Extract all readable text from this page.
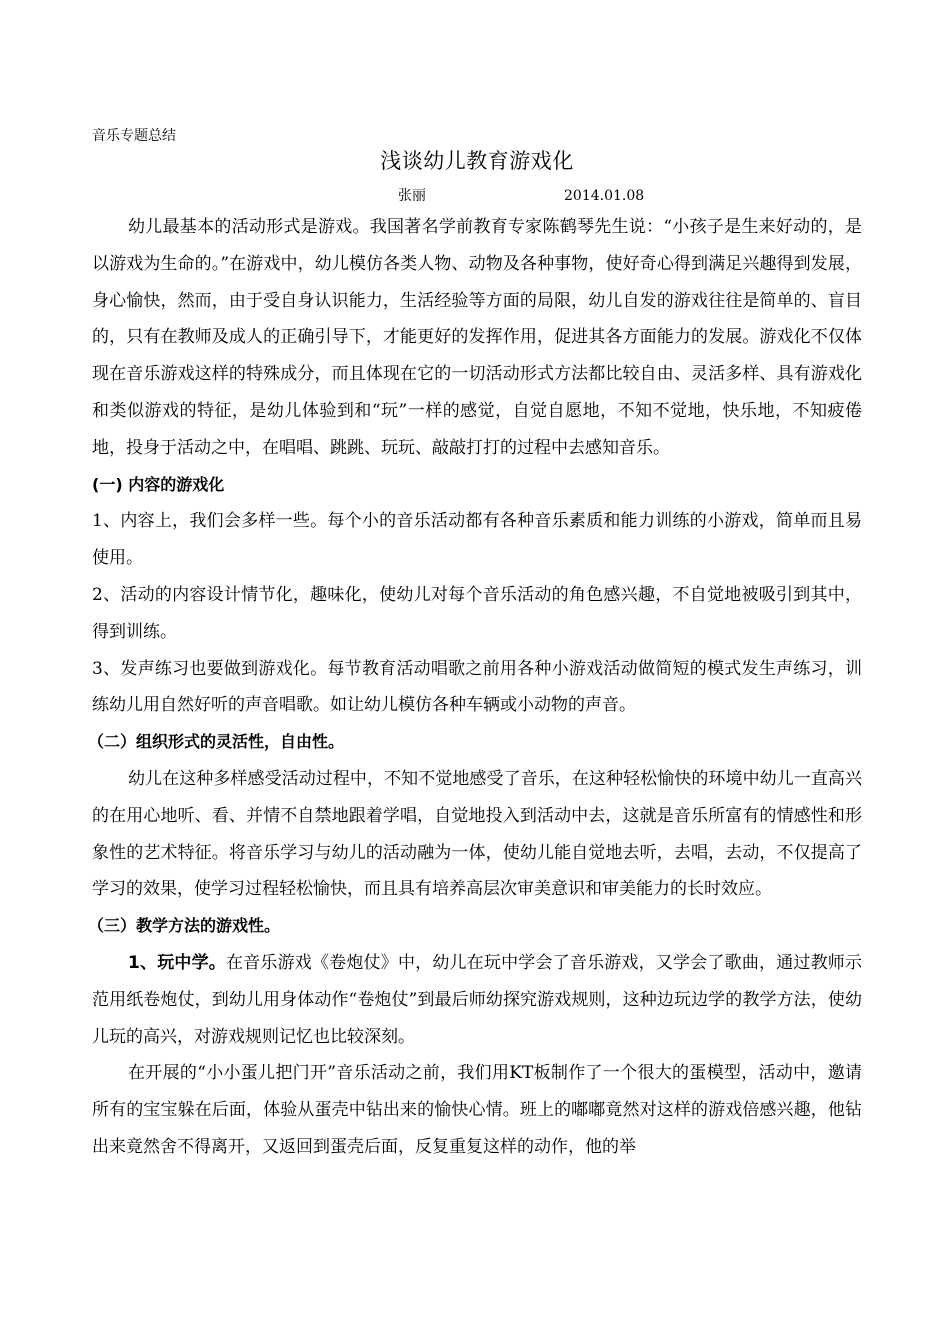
音乐专题总结
浅谈幼儿教育游戏化
张丽	2014.01.08

幼儿最基本的活动形式是游戏。我国著名学前教育专家陈鹤琴先生说：“小孩子是生来好动的，是以游戏为生命的。”在游戏中，幼儿模仿各类人物、动物及各种事物，使好奇心得到满足兴趣得到发展，身心愉快，然而，由于受自身认识能力，生活经验等方面的局限，幼儿自发的游戏往往是简单的、盲目的，只有在教师及成人的正确引导下，才能更好的发挥作用，促进其各方面能力的发展。游戏化不仅体现在音乐游戏这样的特殊成分，而且体现在它的一切活动形式方法都比较自由、灵活多样、具有游戏化和类似游戏的特征，是幼儿体验到和“玩”一样的感觉，自觉自愿地，不知不觉地，快乐地，不知疲倦地，投身于活动之中，在唱唱、跳跳、玩玩、敲敲打打的过程中去感知音乐。

(一) 内容的游戏化

1、内容上，我们会多样一些。每个小的音乐活动都有各种音乐素质和能力训练的小游戏，简单而且易使用。

2、活动的内容设计情节化，趣味化，使幼儿对每个音乐活动的角色感兴趣，不自觉地被吸引到其中，得到训练。

3、发声练习也要做到游戏化。每节教育活动唱歌之前用各种小游戏活动做简短的模式发生声练习，训练幼儿用自然好听的声音唱歌。如让幼儿模仿各种车辆或小动物的声音。

（二）组织形式的灵活性，自由性。

幼儿在这种多样感受活动过程中，不知不觉地感受了音乐，在这种轻松愉快的环境中幼儿一直高兴的在用心地听、看、并情不自禁地跟着学唱，自觉地投入到活动中去，这就是音乐所富有的情感性和形象性的艺术特征。将音乐学习与幼儿的活动融为一体，使幼儿能自觉地去听，去唱，去动，不仅提高了学习的效果，使学习过程轻松愉快，而且具有培养高层次审美意识和审美能力的长时效应。

（三）教学方法的游戏性。

1、玩中学。在音乐游戏《卷炮仗》中，幼儿在玩中学会了音乐游戏，又学会了歌曲，通过教师示范用纸卷炮仗，到幼儿用身体动作“卷炮仗”到最后师幼探究游戏规则，这种边玩边学的教学方法，使幼儿玩的高兴，对游戏规则记忆也比较深刻。

在开展的“小小蛋儿把门开”音乐活动之前，我们用KT板制作了一个很大的蛋模型，活动中，邀请所有的宝宝躲在后面，体验从蛋壳中钻出来的愉快心情。班上的嘟嘟竟然对这样的游戏倍感兴趣，他钻出来竟然舍不得离开，又返回到蛋壳后面，反复重复这样的动作，他的举
